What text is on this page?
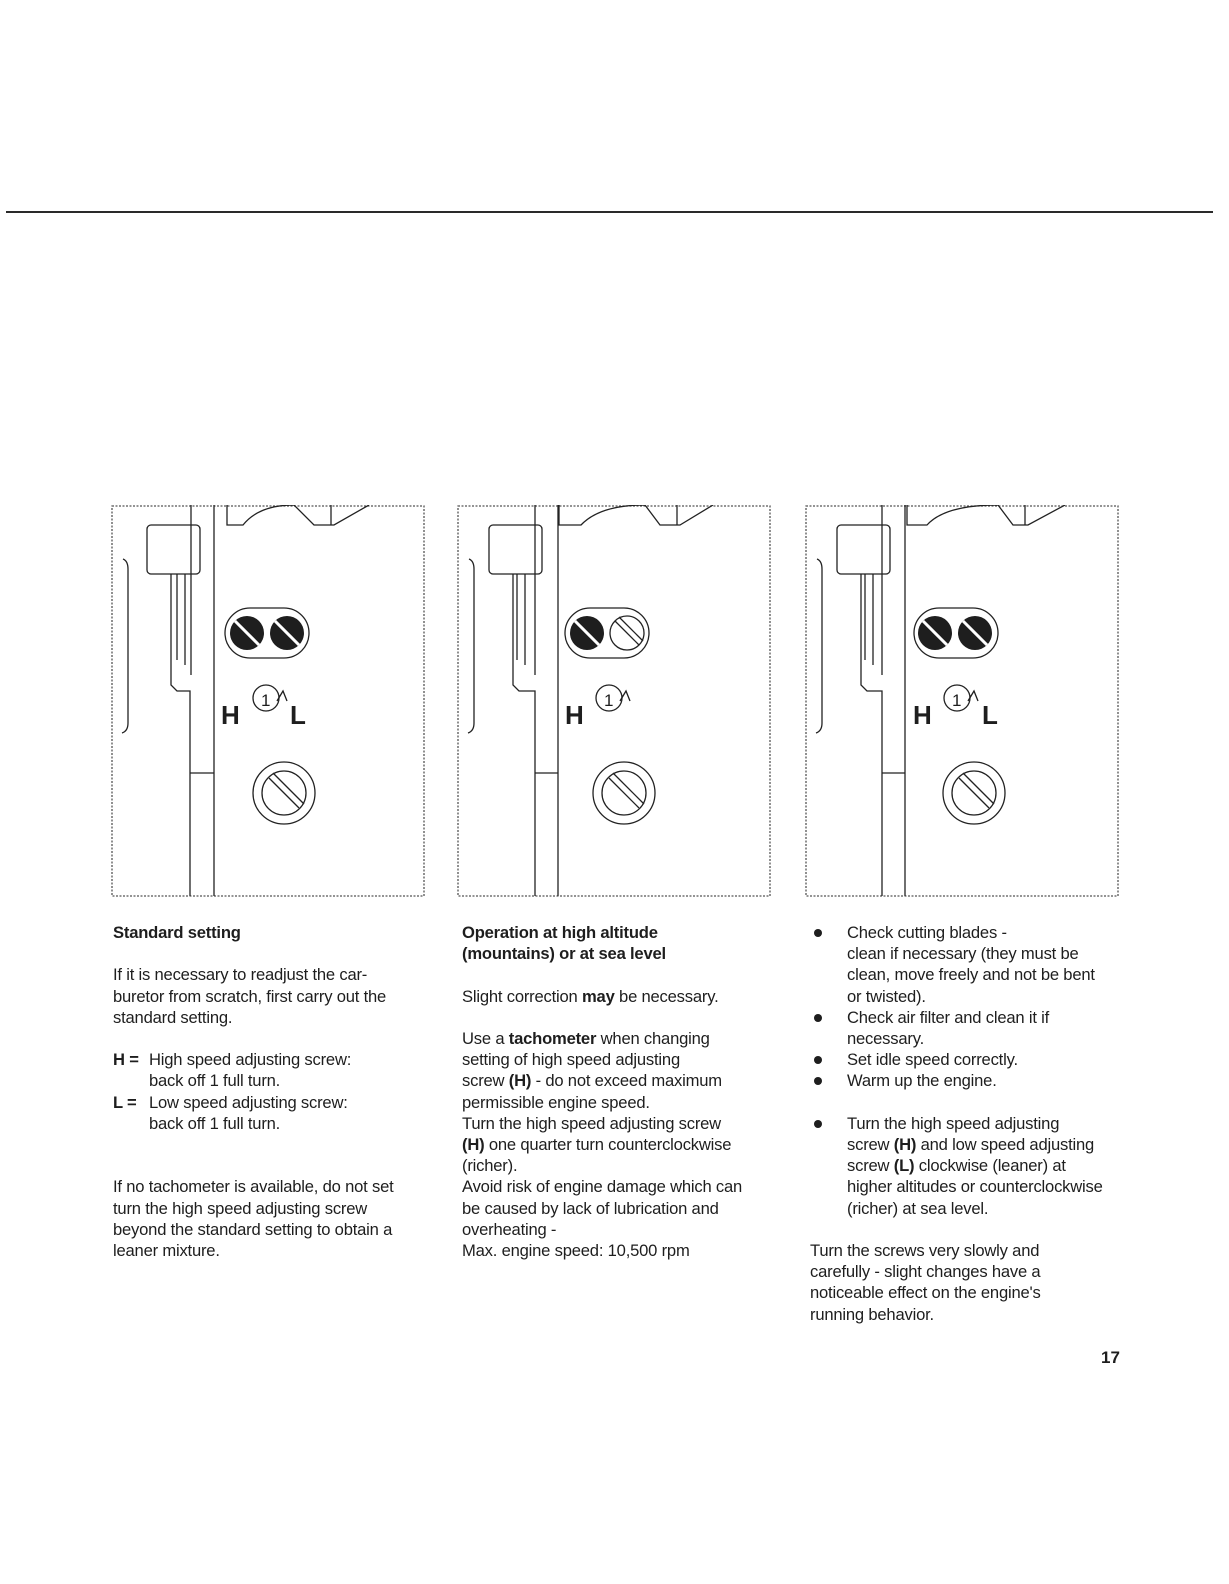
H 1 L	H 1	H 1 L

Standard setting

If it is necessary to readjust the car-

buretor from scratch, first carry out the

standard setting.

H = High speed adjusting screw:

back off 1 full turn.

L = Low speed adjusting screw:

back off 1 full turn.

If no tachometer is available, do not set

turn the high speed adjusting screw

beyond the standard setting to obtain a

leaner mixture.

Operation at high altitude

(mountains) or at sea level

Slight correction may be necessary.

Use a tachometer when changing

setting of high speed adjusting

screw (H) - do not exceed maximum

permissible engine speed.

Turn the high speed adjusting screw

(H) one quarter turn counterclockwise

(richer).

Avoid risk of engine damage which can

be caused by lack of lubrication and

overheating -

Max. engine speed: 10,500 rpm

Check cutting blades -

clean if necessary (they must be

clean, move freely and not be bent

or twisted).

Check air filter and clean it if

necessary.

Set idle speed correctly.

Warm up the engine.

Turn the high speed adjusting

screw (H) and low speed adjusting

screw (L) clockwise (leaner) at

higher altitudes or counterclockwise

(richer) at sea level.

Turn the screws very slowly and

carefully - slight changes have a

noticeable effect on the engine's

running behavior.

17
